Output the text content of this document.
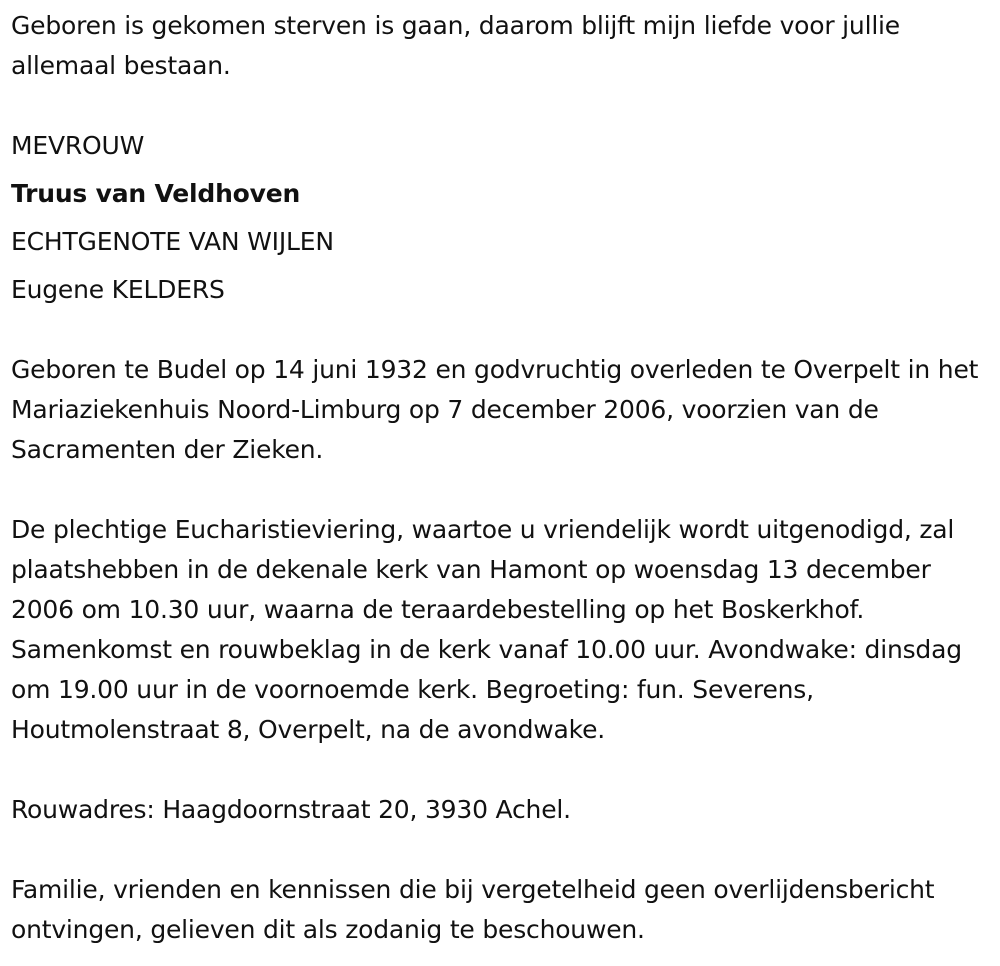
Geboren is gekomen sterven is gaan, daarom blijft mijn liefde voor jullie allemaal bestaan.

MEVROUW

Truus van Veldhoven

ECHTGENOTE VAN WIJLEN

Eugene KELDERS

Geboren te Budel op 14 juni 1932 en godvruchtig overleden te Overpelt in het Mariaziekenhuis Noord-Limburg op 7 december 2006, voorzien van de Sacramenten der Zieken.

De plechtige Eucharistieviering, waartoe u vriendelijk wordt uitgenodigd, zal plaatshebben in de dekenale kerk van Hamont op woensdag 13 december 2006 om 10.30 uur, waarna de teraardebestelling op het Boskerkhof. Samenkomst en rouwbeklag in de kerk vanaf 10.00 uur. Avondwake: dinsdag om 19.00 uur in de voornoemde kerk. Begroeting: fun. Severens, Houtmolenstraat 8, Overpelt, na de avondwake.

Rouwadres: Haagdoornstraat 20, 3930 Achel.

Familie, vrienden en kennissen die bij vergetelheid geen overlijdensbericht ontvingen, gelieven dit als zodanig te beschouwen.
